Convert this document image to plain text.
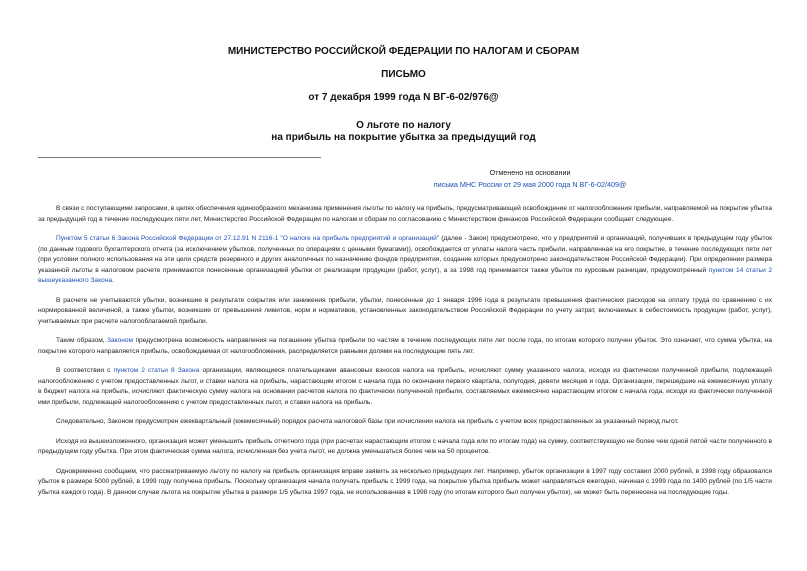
МИНИСТЕРСТВО РОССИЙСКОЙ ФЕДЕРАЦИИ ПО НАЛОГАМ И СБОРАМ
ПИСЬМО
от 7 декабря 1999 года N ВГ-6-02/976@
О льготе по налогу
на прибыль на покрытие убытка за предыдущий год
Отменено на основании
письма МНС России от 29 мая 2000 года N ВГ-6-02/409@

В связи с поступающими запросами, в целях обеспечения единообразного механизма применения льготы по налогу на прибыль, предусматривающей освобождение от налогообложения прибыли, направляемой на покрытие убытка за предыдущий год в течение последующих пяти лет, Министерство Российской Федерации по налогам и сборам по согласованию с Министерством финансов Российской Федерации сообщает следующее.

Пунктом 5 статьи 6 Закона Российской Федерации от 27.12.91 N 2116-1 "О налоге на прибыль предприятий и организаций" (далее - Закон) предусмотрено, что у предприятий и организаций, получивших в предыдущем году убыток (по данным годового бухгалтерского отчета (за исключением убытков, полученных по операциям с ценными бумагами)), освобождается от уплаты налога часть прибыли, направленная на его покрытие, в течение последующих пяти лет (при условии полного использования на эти цели средств резервного и других аналогичных по назначению фондов предприятия, создание которых предусмотрено законодательством Российской Федерации). При определении размера указанной льготы в налоговом расчете принимаются понесенные организацией убытки от реализации продукции (работ, услуг), а за 1998 год принимается также убыток по курсовым разницам, предусмотренный пунктом 14 статьи 2 вышеуказанного Закона.

В расчете не учитываются убытки, возникшие в результате сокрытия или занижения прибыли, убытки, понесенные до 1 января 1996 года в результате превышения фактических расходов на оплату труда по сравнению с их нормированной величиной, а также убытки, возникшие от превышения лимитов, норм и нормативов, установленных законодательством Российской Федерации по учету затрат, включаемых в себестоимость продукции (работ, услуг), учитываемых при расчете налогооблагаемой прибыли.

Таким образом, Законом предусмотрена возможность направления на погашение убытка прибыли по частям в течение последующих пяти лет после года, по итогам которого получен убыток. Это означает, что сумма убытка, на покрытие которого направляется прибыль, освобождаемая от налогообложения, распределяется равными долями на последующие пять лет.

В соответствии с пунктом 2 статьи 8 Закона организации, являющиеся плательщиками авансовых взносов налога на прибыль, исчисляют сумму указанного налога, исходя из фактически полученной прибыли, подлежащей налогообложению с учетом предоставленных льгот, и ставки налога на прибыль, нарастающим итогом с начала года по окончании первого квартала, полугодия, девяти месяцев и года. Организации, перешедшие на ежемесячную уплату в бюджет налога на прибыль, исчисляют фактическую сумму налога на основании расчетов налога по фактически полученной прибыли, составляемых ежемесячно нарастающим итогом с начала года, исходя из фактически полученной ими прибыли, подлежащей налогообложению с учетом предоставленных льгот, и ставки налога на прибыль.

Следовательно, Законом предусмотрен ежеквартальный (ежемесячный) порядок расчета налоговой базы при исчислении налога на прибыль с учетом всех предоставленных за указанный период льгот.

Исходя из вышеизложенного, организация может уменьшить прибыль отчетного года (при расчетах нарастающим итогом с начала года или по итогам года) на сумму, соответствующую не более чем одной пятой части полученного в предыдущем году убытка. При этом фактическая сумма налога, исчисленная без учета льгот, не должна уменьшаться более чем на 50 процентов.

Одновременно сообщаем, что рассматриваемую льготу по налогу на прибыль организация вправе заявить за несколько предыдущих лет. Например, убыток организации в 1997 году составил 2000 рублей, в 1998 году образовался убыток в размере 5000 рублей, в 1999 году получена прибыль. Поскольку организация начала получать прибыль с 1999 года, на покрытие убытка прибыль может направляться ежегодно, начиная с 1999 года по 1400 рублей (по 1/5 части убытка каждого года). В данном случае льгота на покрытие убытка в размере 1/5 убытка 1997 года, не использованная в 1998 году (по итогам которого был получен убыток), не может быть перенесена на последующие годы.
